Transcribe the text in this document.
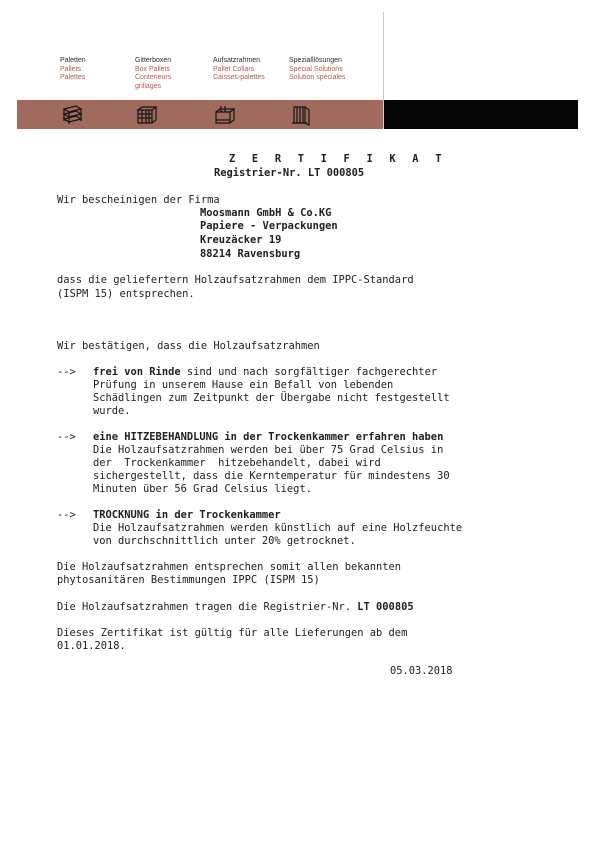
Paletten
Pallets
Palettes
Gitterboxen
Box Pallets
Conteneurs
grillagés
Aufsatzrahmen
Pallet Collars
Caisses-palettes
Spezialllösungen
Special Solutions
Solution spéciales
Z E R T I F I K A T
Registrier-Nr. LT 000805
Wir bescheinigen der Firma
Moosmann GmbH & Co.KG
Papiere - Verpackungen
Kreuzäcker 19
88214 Ravensburg
dass die geliefertern Holzaufsatzrahmen dem IPPC-Standard
(ISPM 15) entsprechen.
Wir bestätigen, dass die Holzaufsatzrahmen
--> frei von Rinde sind und nach sorgfältiger fachgerechter
Prüfung in unserem Hause ein Befall von lebenden
Schädlingen zum Zeitpunkt der Übergabe nicht festgestellt
wurde.
--> eine HITZEBEHANDLUNG in der Trockenkammer erfahren haben
Die Holzaufsatzrahmen werden bei über 75 Grad Celsius in
der  Trockenkammer  hitzebehandelt, dabei wird
sichergestellt, dass die Kerntemperatur für mindestens 30
Minuten über 56 Grad Celsius liegt.
--> TROCKNUNG in der Trockenkammer
Die Holzaufsatzrahmen werden künstlich auf eine Holzfeuchte
von durchschnittlich unter 20% getrocknet.
Die Holzaufsatzrahmen entsprechen somit allen bekannten
phytosanitären Bestimmungen IPPC (ISPM 15)
Die Holzaufsatzrahmen tragen die Registrier-Nr. LT 000805
Dieses Zertifikat ist gültig für alle Lieferungen ab dem
01.01.2018.
05.03.2018
